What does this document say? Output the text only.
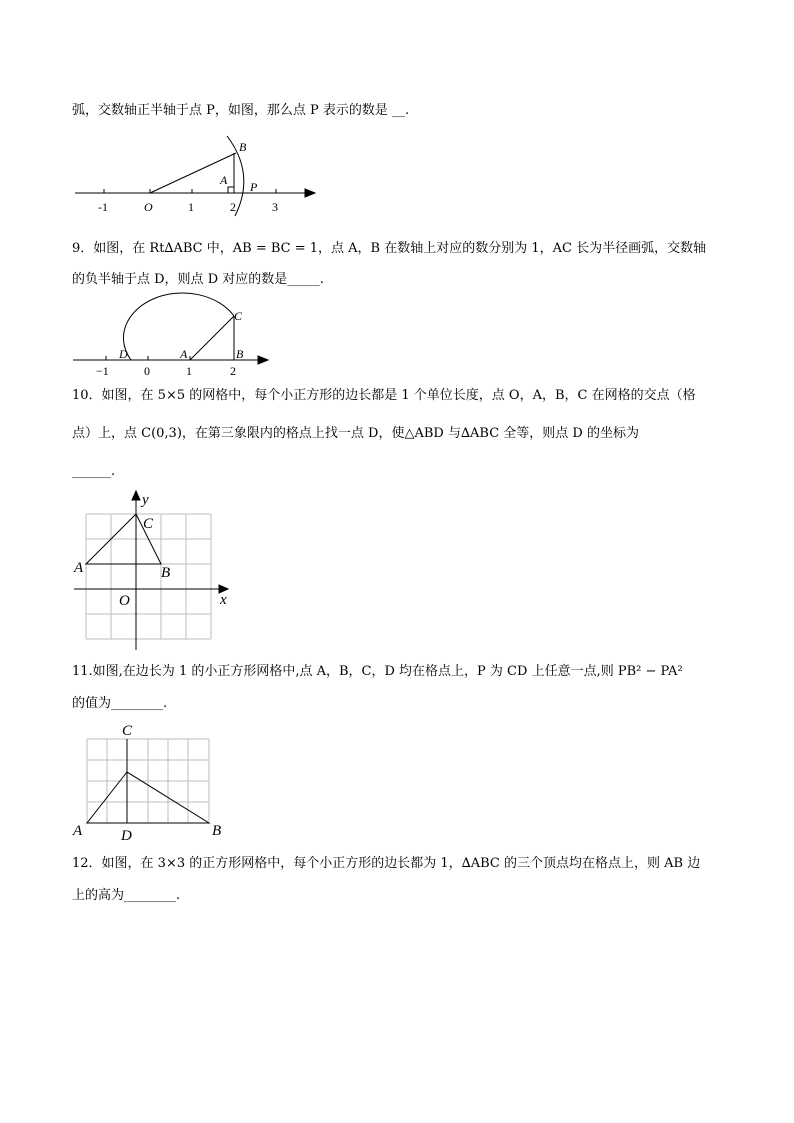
弧，交数轴正半轴于点 P，如图，那么点 P 表示的数是 __.
9．如图，在 Rt∆ABC 中，AB = BC = 1，点 A，B 在数轴上对应的数分别为 1，AC 长为半径画弧，交数轴
的负半轴于点 D，则点 D 对应的数是_____.
10．如图，在 5×5 的网格中，每个小正方形的边长都是 1 个单位长度，点 O，A，B，C 在网格的交点（格
点）上，点 C(0,3)，在第三象限内的格点上找一点 D，使△ABD 与∆ABC 全等，则点 D 的坐标为
______.
11.如图,在边长为 1 的小正方形网格中,点 A，B，C，D 均在格点上，P 为 CD 上任意一点,则 PB² − PA²
的值为________.
12．如图，在 3×3 的正方形网格中，每个小正方形的边长都为 1，∆ABC 的三个顶点均在格点上，则 AB 边
上的高为________.
-1	O	1	2	3
A
B
P
−1	0	1	2
D	A	B
C
A	B
C
O	x
y
C
A	B
D
